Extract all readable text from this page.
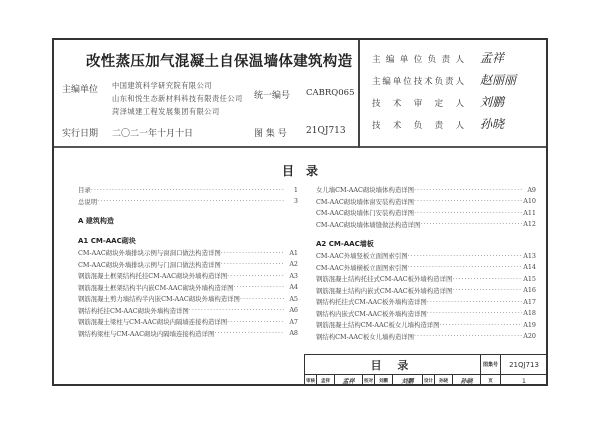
改性蒸压加气混凝土自保温墙体建筑构造
主编单位 中国建筑科学研究院有限公司
山东和悦生态新材料科技有限责任公司
菏泽城建工程发展集团有限公司
统一编号 CABRQ065
实行日期 二〇二一年十月十日	图 集 号 21QJ713
主 编 单 位 负 责 人 孟祥
主编单位技术负责人 赵丽丽
技 术 审 定 人 刘鹏
技 术 负 责 人 孙晓
目 录
目录 ·····	1
总说明 ·····	3
A 建筑构造
A1 CM-AAC砌块
CM-AAC砌块外墙排块示例与窗洞口做法构造详图 ·····	A1
CM-AAC砌块外墙排块示例与门洞口做法构造详图 ·····	A2
钢筋混凝土框架结构托挂CM-AAC砌块外墙构造详图 ·····	A3
钢筋混凝土框架结构半内嵌CM-AAC砌块外墙构造详图 ·····	A4
钢筋混凝土剪力墙结构半内嵌CM-AAC砌块外墙构造详图 ·····	A5
钢结构托挂CM-AAC砌块外墙构造详图 ·····	A6
钢筋混凝土梁柱与CM-AAC砌块内隔墙连接构造详图 ·····	A7
钢结构梁柱与CM-AAC砌块内隔墙连接构造详图 ·····	A8
女儿墙CM-AAC砌块墙体构造详图 ·····	A9
CM-AAC砌块墙体窗安装构造详图 ·····	A10
CM-AAC砌块墙体门安装构造详图 ·····	A11
CM-AAC砌块墙体墙缝做法构造详图 ·····	A12
A2 CM-AAC墙板
CM-AAC外墙竖板立面图索引图 ·····	A13
CM-AAC外墙横板立面图索引图 ·····	A14
钢筋混凝土结构托挂式CM-AAC板外墙构造详图 ·····	A15
钢筋混凝土结构内嵌式CM-AAC板外墙构造详图 ·····	A16
钢结构托挂式CM-AAC板外墙构造详图 ·····	A17
钢结构内嵌式CM-AAC板外墙构造详图 ·····	A18
钢筋混凝土结构CM-AAC板女儿墙构造详图 ·····	A19
钢结构CM-AAC板女儿墙构造详图 ·····	A20
目 录	图集号	21QJ713
审核	孟祥	孟祥	校对	刘鹏	刘鹏	设计	孙晓	孙晓	页	1
